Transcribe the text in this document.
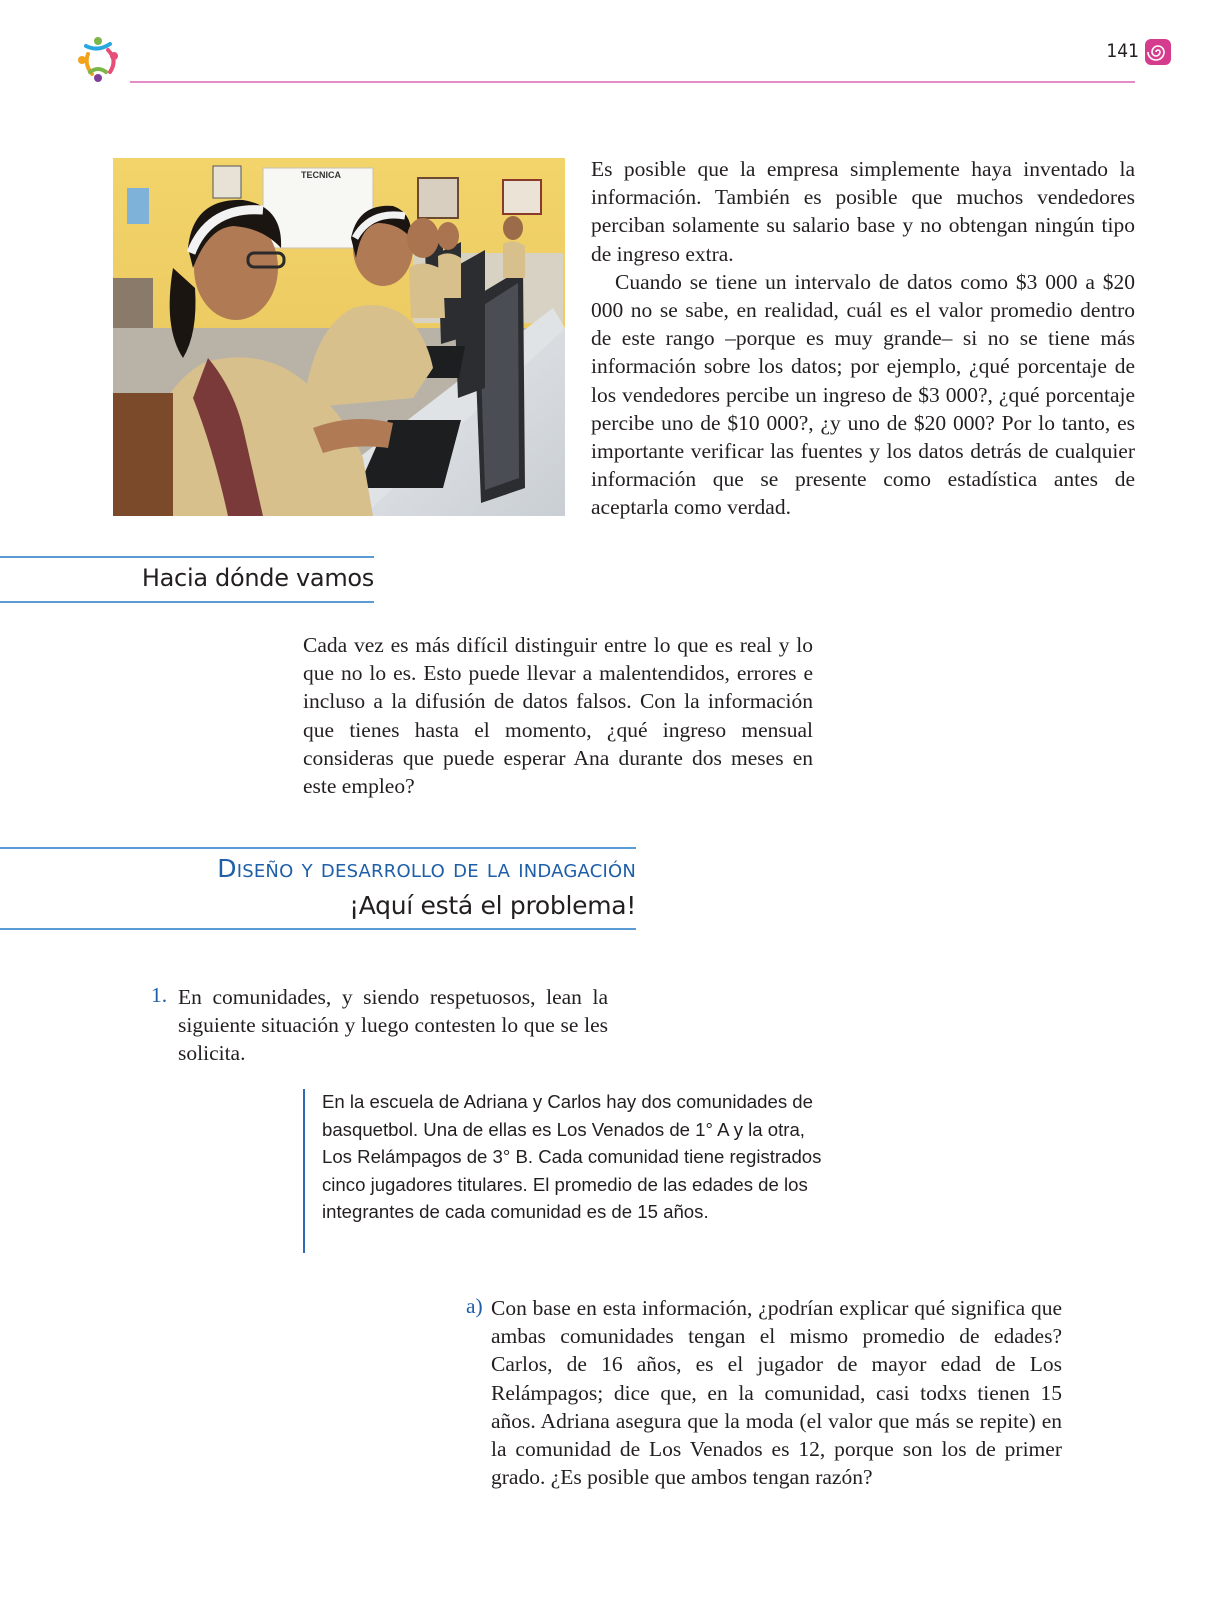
141
TECNICA	Es posible que la empresa simplemente haya inventado la información. También es posible que muchos vendedores perciban solamente su salario base y no obtengan ningún tipo de ingreso extra.

Cuando se tiene un intervalo de datos como $3 000 a $20 000 no se sabe, en realidad, cuál es el valor promedio dentro de este rango –porque es muy grande– si no se tiene más información sobre los datos; por ejemplo, ¿qué porcentaje de los vendedores percibe un ingreso de $3 000?, ¿qué porcentaje percibe uno de $10 000?, ¿y uno de $20 000? Por lo tanto, es importante verificar las fuentes y los datos detrás de cualquier información que se presente como estadística antes de aceptarla como verdad.

Hacia dónde vamos

Cada vez es más difícil distinguir entre lo que es real y lo que no lo es. Esto puede llevar a malentendidos, errores e incluso a la difusión de datos falsos. Con la información que tienes hasta el momento, ¿qué ingreso mensual consideras que puede esperar Ana durante dos meses en este empleo?

Diseño y desarrollo de la indagación
¡Aquí está el problema!
1. En comunidades, y siendo respetuosos, lean la siguiente situación y luego contesten lo que se les solicita.

En la escuela de Adriana y Carlos hay dos comunidades de basquetbol. Una de ellas es Los Venados de 1° A y la otra, Los Relámpagos de 3° B. Cada comunidad tiene registrados cinco jugadores titulares. El promedio de las edades de los integrantes de cada comunidad es de 15 años.

a) Con base en esta información, ¿podrían explicar qué significa que ambas comunidades tengan el mismo promedio de edades? Carlos, de 16 años, es el jugador de mayor edad de Los Relámpagos; dice que, en la comunidad, casi todxs tienen 15 años. Adriana asegura que la moda (el valor que más se repite) en la comunidad de Los Venados es 12, porque son los de primer grado. ¿Es posible que ambos tengan razón?
